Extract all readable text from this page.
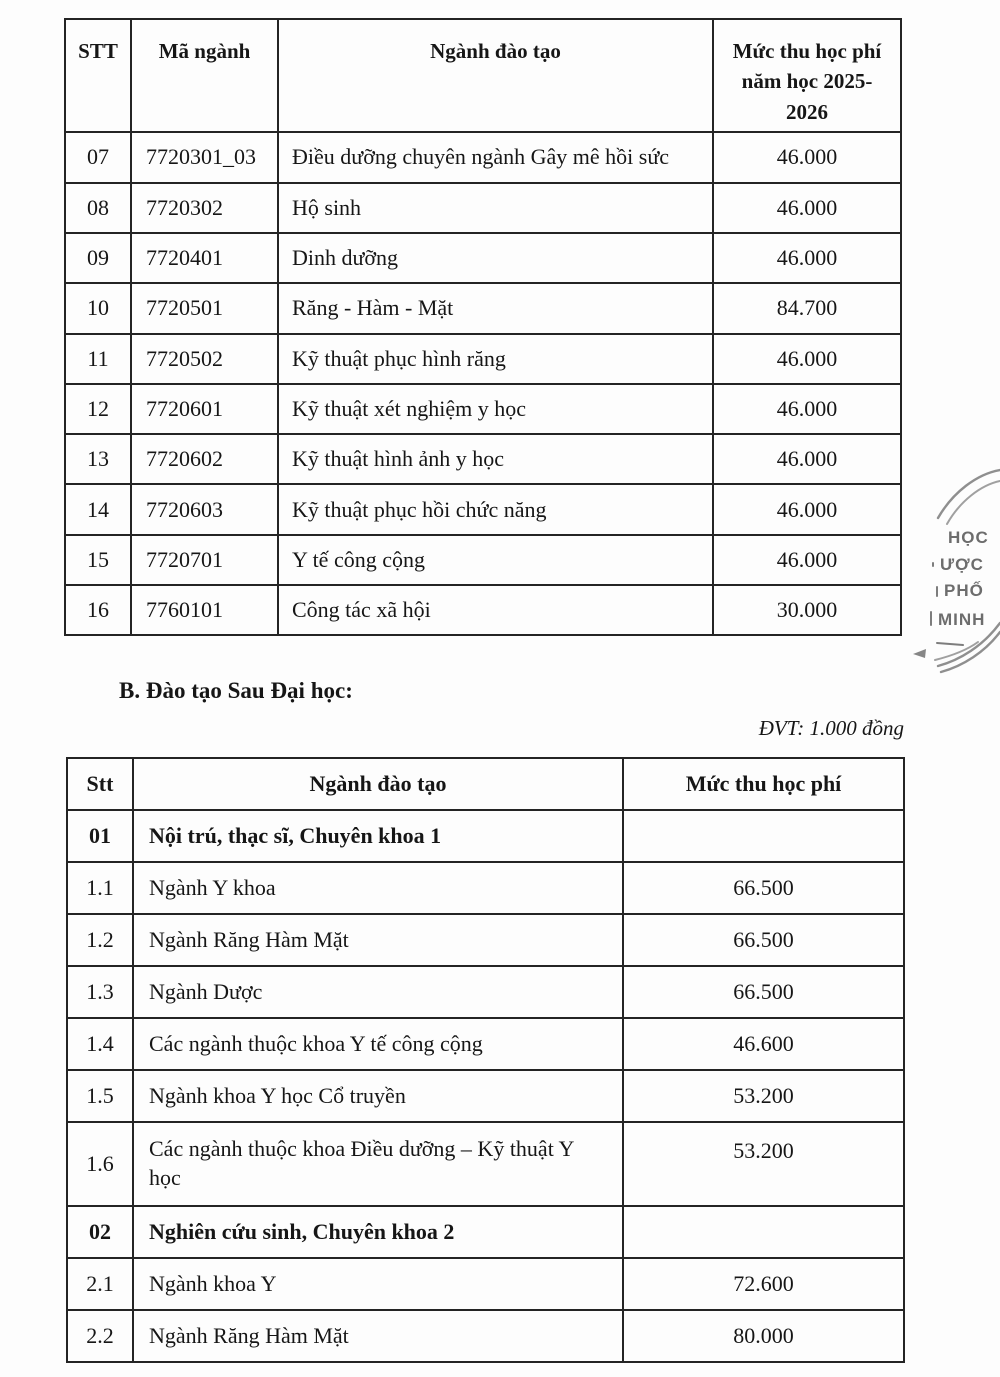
STT	Mã ngành	Ngành đào tạo	Mức thu học phí năm học 2025-2026
07	7720301_03	Điều dưỡng chuyên ngành Gây mê hồi sức	46.000
08	7720302	Hộ sinh	46.000
09	7720401	Dinh dưỡng	46.000
10	7720501	Răng - Hàm - Mặt	84.700
11	7720502	Kỹ thuật phục hình răng	46.000
12	7720601	Kỹ thuật xét nghiệm y học	46.000
13	7720602	Kỹ thuật hình ảnh y học	46.000
14	7720603	Kỹ thuật phục hồi chức năng	46.000
15	7720701	Y tế công cộng	46.000
16	7760101	Công tác xã hội	30.000
B. Đào tạo Sau Đại học:
ĐVT: 1.000 đồng
Stt	Ngành đào tạo	Mức thu học phí
01	Nội trú, thạc sĩ, Chuyên khoa 1	
1.1	Ngành Y khoa	66.500
1.2	Ngành Răng Hàm Mặt	66.500
1.3	Ngành Dược	66.500
1.4	Các ngành thuộc khoa Y tế công cộng	46.600
1.5	Ngành khoa Y học Cổ truyền	53.200
1.6	Các ngành thuộc khoa Điều dưỡng – Kỹ thuật Y học	53.200
02	Nghiên cứu sinh, Chuyên khoa 2	
2.1	Ngành khoa Y	72.600
2.2	Ngành Răng Hàm Mặt	80.000
HỌC
ƯỢC
PHỐ
MINH
